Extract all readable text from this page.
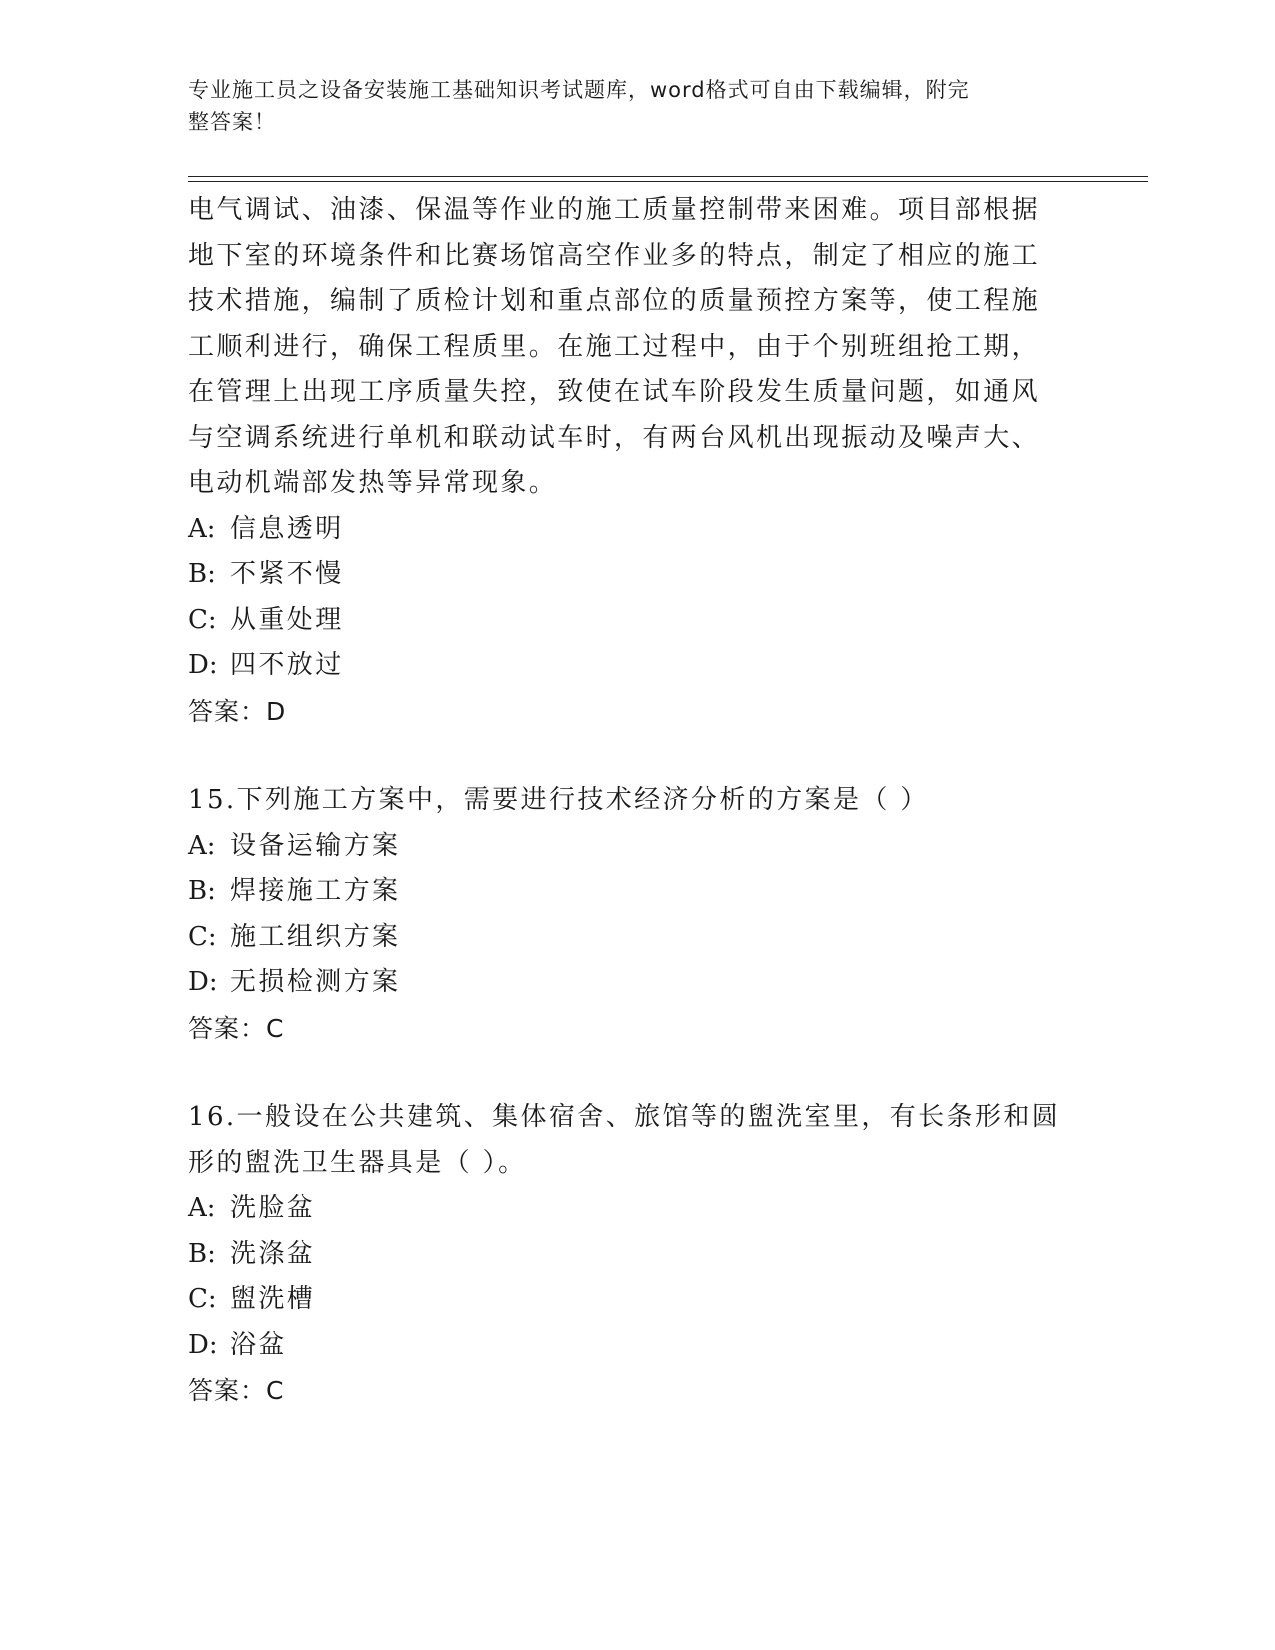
专业施工员之设备安装施工基础知识考试题库，word格式可自由下载编辑，附完
整答案！
电气调试、油漆、保温等作业的施工质量控制带来困难。项目部根据
地下室的环境条件和比赛场馆高空作业多的特点，制定了相应的施工
技术措施，编制了质检计划和重点部位的质量预控方案等，使工程施
工顺利进行，确保工程质里。在施工过程中，由于个别班组抢工期，
在管理上出现工序质量失控，致使在试车阶段发生质量问题，如通风
与空调系统进行单机和联动试车时，有两台风机出现振动及噪声大、
电动机端部发热等异常现象。
A: 信息透明
B: 不紧不慢
C: 从重处理
D: 四不放过
答案：D
15.下列施工方案中，需要进行技术经济分析的方案是（ ）
A: 设备运输方案
B: 焊接施工方案
C: 施工组织方案
D: 无损检测方案
答案：C
16.一般设在公共建筑、集体宿舍、旅馆等的盥洗室里，有长条形和圆
形的盥洗卫生器具是（ ）。
A: 洗脸盆
B: 洗涤盆
C: 盥洗槽
D: 浴盆
答案：C
